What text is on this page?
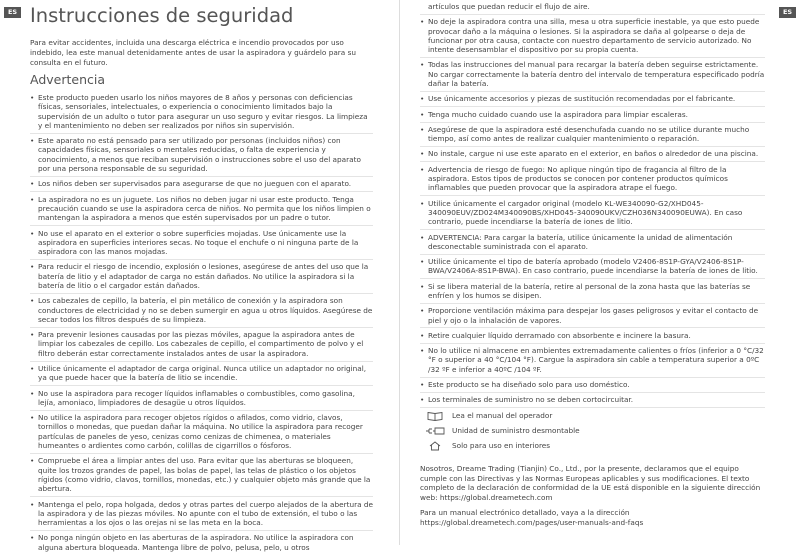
ES	ES
Instrucciones de seguridad

Para evitar accidentes, incluida una descarga eléctrica e incendio provocados por uso indebido, lea este manual detenidamente antes de usar la aspiradora y guárdelo para su consulta en el futuro.

Advertencia
• Este producto pueden usarlo los niños mayores de 8 años y personas con deficiencias físicas, sensoriales, intelectuales, o experiencia o conocimiento limitados bajo la supervisión de un adulto o tutor para asegurar un uso seguro y evitar riesgos. La limpieza y el mantenimiento no deben ser realizados por niños sin supervisión.
• Este aparato no está pensado para ser utilizado por personas (incluidos niños) con capacidades físicas, sensoriales o mentales reducidas, o falta de experiencia y conocimiento, a menos que reciban supervisión o instrucciones sobre el uso del aparato por una persona responsable de su seguridad.
• Los niños deben ser supervisados para asegurarse de que no jueguen con el aparato.
• La aspiradora no es un juguete. Los niños no deben jugar ni usar este producto. Tenga precaución cuando se use la aspiradora cerca de niños. No permita que los niños limpien o mantengan la aspiradora a menos que estén supervisados por un padre o tutor.
• No use el aparato en el exterior o sobre superficies mojadas. Use únicamente use la aspiradora en superficies interiores secas. No toque el enchufe o ni ninguna parte de la aspiradora con las manos mojadas.
• Para reducir el riesgo de incendio, explosión o lesiones, asegúrese de antes del uso que la batería de litio y el adaptador de carga no están dañados. No utilice la aspiradora si la batería de litio o el cargador están dañados.
• Los cabezales de cepillo, la batería, el pin metálico de conexión y la aspiradora son conductores de electricidad y no se deben sumergir en agua u otros líquidos. Asegúrese de secar todos los filtros después de su limpieza.
• Para prevenir lesiones causadas por las piezas móviles, apague la aspiradora antes de limpiar los cabezales de cepillo. Los cabezales de cepillo, el compartimento de polvo y el filtro deberán estar correctamente instalados antes de usar la aspiradora.
• Utilice únicamente el adaptador de carga original. Nunca utilice un adaptador no original, ya que puede hacer que la batería de litio se incendie.
• No use la aspiradora para recoger líquidos inflamables o combustibles, como gasolina, lejía, amoniaco, limpiadores de desagüe u otros líquidos.
• No utilice la aspiradora para recoger objetos rígidos o afilados, como vidrio, clavos, tornillos o monedas, que puedan dañar la máquina. No utilice la aspiradora para recoger partículas de paneles de yeso, cenizas como cenizas de chimenea, o materiales humeantes o ardientes como carbón, colillas de cigarrillos o fósforos.
• Compruebe el área a limpiar antes del uso. Para evitar que las aberturas se bloqueen, quite los trozos grandes de papel, las bolas de papel, las telas de plástico o los objetos rígidos (como vidrio, clavos, tornillos, monedas, etc.) y cualquier objeto más grande que la abertura.
• Mantenga el pelo, ropa holgada, dedos y otras partes del cuerpo alejados de la abertura de la aspiradora y de las piezas móviles. No apunte con el tubo de extensión, el tubo o las herramientas a los ojos o las orejas ni se las meta en la boca.
• No ponga ningún objeto en las aberturas de la aspiradora. No utilice la aspiradora con alguna abertura bloqueada. Mantenga libre de polvo, pelusa, pelo, u otros
artículos que puedan reducir el flujo de aire.
• No deje la aspiradora contra una silla, mesa u otra superficie inestable, ya que esto puede provocar daño a la máquina o lesiones. Si la aspiradora se daña al golpearse o deja de funcionar por otra causa, contacte con nuestro departamento de servicio autorizado. No intente desensamblar el dispositivo por su propia cuenta.
• Todas las instrucciones del manual para recargar la batería deben seguirse estrictamente. No cargar correctamente la batería dentro del intervalo de temperatura especificado podría dañar la batería.
• Use únicamente accesorios y piezas de sustitución recomendadas por el fabricante.
• Tenga mucho cuidado cuando use la aspiradora para limpiar escaleras.
• Asegúrese de que la aspiradora esté desenchufada cuando no se utilice durante mucho tiempo, así como antes de realizar cualquier mantenimiento o reparación.
• No instale, cargue ni use este aparato en el exterior, en baños o alrededor de una piscina.
• Advertencia de riesgo de fuego: No aplique ningún tipo de fragancia al filtro de la aspiradora. Estos tipos de productos se conocen por contener productos químicos inflamables que pueden provocar que la aspiradora atrape el fuego.
• Utilice únicamente el cargador original (modelo KL-WE340090-G2/XHD045-340090EUV/ZD024M340090BS/XHD045-340090UKV/CZH036N340090EUWA). En caso contrario, puede incendiarse la batería de iones de litio.
• ADVERTENCIA: Para cargar la batería, utilice únicamente la unidad de alimentación desconectable suministrada con el aparato.
• Utilice únicamente el tipo de batería aprobado (modelo V2406-8S1P-GYA/V2406-8S1P-BWA/V2406A-8S1P-BWA). En caso contrario, puede incendiarse la batería de iones de litio.
• Si se libera material de la batería, retire al personal de la zona hasta que las baterías se enfríen y los humos se disipen.
• Proporcione ventilación máxima para despejar los gases peligrosos y evitar el contacto de piel y ojo o la inhalación de vapores.
• Retire cualquier líquido derramado con absorbente e incinere la basura.
• No lo utilice ni almacene en ambientes extremadamente calientes o fríos (inferior a 0 °C/32 °F o superior a 40 °C/104 °F). Cargue la aspiradora sin cable a temperatura superior a 0ºC /32 ºF e inferior a 40ºC /104 ºF.
• Este producto se ha diseñado solo para uso doméstico.
• Los terminales de suministro no se deben cortocircuitar.
Lea el manual del operador
Unidad de suministro desmontable
Solo para uso en interiores

Nosotros, Dreame Trading (Tianjin) Co., Ltd., por la presente, declaramos que el equipo cumple con las Directivas y las Normas Europeas aplicables y sus modificaciones. El texto completo de la declaración de conformidad de la UE está disponible en la siguiente dirección web: https://global.dreametech.com

Para un manual electrónico detallado, vaya a la dirección https://global.dreametech.com/pages/user-manuals-and-faqs
